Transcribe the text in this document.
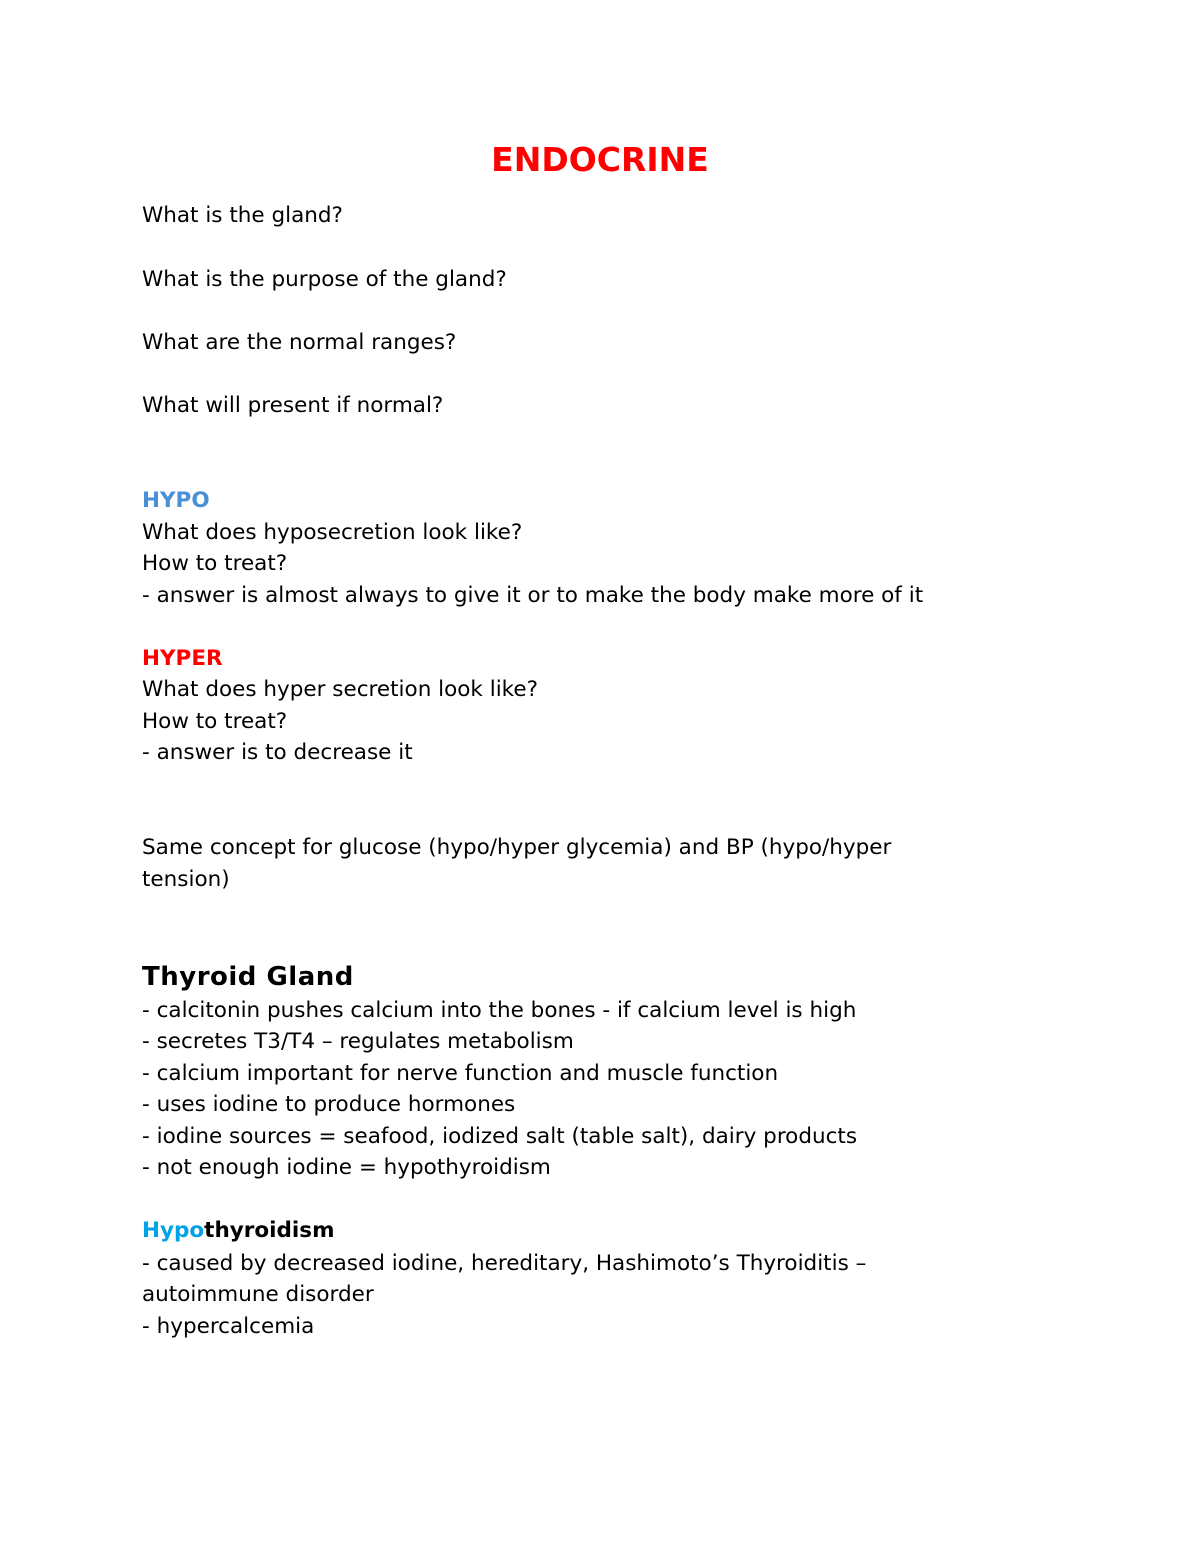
ENDOCRINE

What is the gland?

What is the purpose of the gland?

What are the normal ranges?

What will present if normal?

HYPO

What does hyposecretion look like?

How to treat?

- answer is almost always to give it or to make the body make more of it

HYPER

What does hyper secretion look like?

How to treat?

- answer is to decrease it

Same concept for glucose (hypo/hyper glycemia) and BP (hypo/hyper

tension)

Thyroid Gland

- calcitonin pushes calcium into the bones - if calcium level is high

- secretes T3/T4 – regulates metabolism

- calcium important for nerve function and muscle function

- uses iodine to produce hormones

- iodine sources = seafood, iodized salt (table salt), dairy products

- not enough iodine = hypothyroidism

Hypothyroidism

- caused by decreased iodine, hereditary, Hashimoto’s Thyroiditis –

autoimmune disorder

- hypercalcemia
